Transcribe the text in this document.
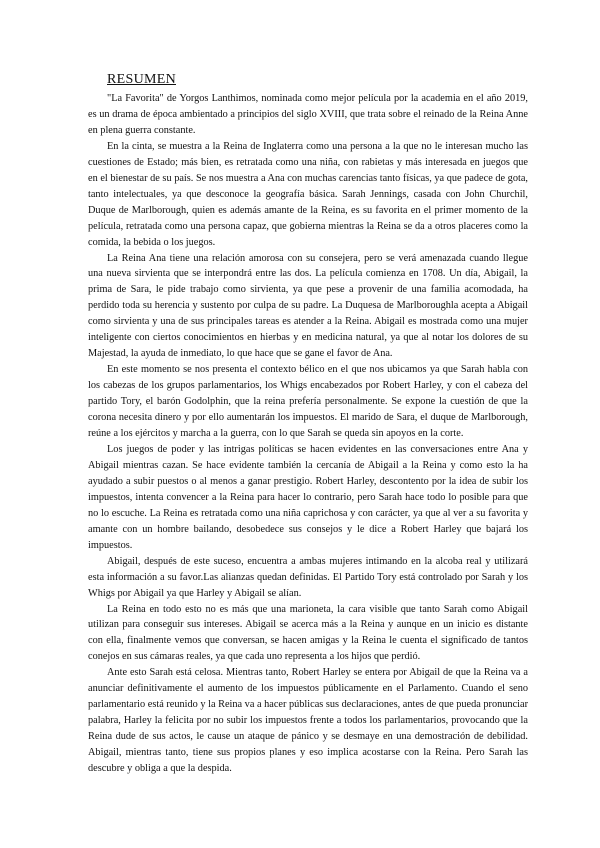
RESUMEN

"La Favorita" de Yorgos Lanthimos, nominada como mejor película por la academia en el año 2019, es un drama de época ambientado a principios del siglo XVIII, que trata sobre el reinado de la Reina Anne en plena guerra constante.

En la cinta, se muestra a la Reina de Inglaterra como una persona a la que no le interesan mucho las cuestiones de Estado; más bien, es retratada como una niña, con rabietas y más interesada en juegos que en el bienestar de su país. Se nos muestra a Ana con muchas carencias tanto físicas, ya que padece de gota, tanto intelectuales, ya que desconoce la geografía básica. Sarah Jennings, casada con John Churchil, Duque de Marlborough, quien es además amante de la Reina, es su favorita en el primer momento de la película, retratada como una persona capaz, que gobierna mientras la Reina se da a otros placeres como la comida, la bebida o los juegos.

La Reina Ana tiene una relación amorosa con su consejera, pero se verá amenazada cuando llegue una nueva sirvienta que se interpondrá entre las dos. La película comienza en 1708. Un día, Abigail, la prima de Sara, le pide trabajo como sirvienta, ya que pese a provenir de una familia acomodada, ha perdido toda su herencia y sustento por culpa de su padre. La Duquesa de Marlboroughla acepta a Abigail como sirvienta y una de sus principales tareas es atender a la Reina. Abigail es mostrada como una mujer inteligente con ciertos conocimientos en hierbas y en medicina natural, ya que al notar los dolores de su Majestad, la ayuda de inmediato, lo que hace que se gane el favor de Ana.

En este momento se nos presenta el contexto bélico en el que nos ubicamos ya que Sarah habla con los cabezas de los grupos parlamentarios, los Whigs encabezados por Robert Harley, y con el cabeza del partido Tory, el barón Godolphin, que la reina prefería personalmente. Se expone la cuestión de que la corona necesita dinero y por ello aumentarán los impuestos. El marido de Sara, el duque de Marlborough, reúne a los ejércitos y marcha a la guerra, con lo que Sarah se queda sin apoyos en la corte.

Los juegos de poder y las intrigas políticas se hacen evidentes en las conversaciones entre Ana y Abigail mientras cazan. Se hace evidente también la cercanía de Abigail a la Reina y como esto la ha ayudado a subir puestos o al menos a ganar prestigio. Robert Harley, descontento por la idea de subir los impuestos, intenta convencer a la Reina para hacer lo contrario, pero Sarah hace todo lo posible para que no lo escuche. La Reina es retratada como una niña caprichosa y con carácter, ya que al ver a su favorita y amante con un hombre bailando, desobedece sus consejos y le dice a Robert Harley que bajará los impuestos.

Abigail, después de este suceso, encuentra a ambas mujeres intimando en la alcoba real y utilizará esta información a su favor.Las alianzas quedan definidas. El Partido Tory está controlado por Sarah y los Whigs por Abigail ya que Harley y Abigail se alían.

La Reina en todo esto no es más que una marioneta, la cara visible que tanto Sarah como Abigail utilizan para conseguir sus intereses. Abigail se acerca más a la Reina y aunque en un inicio es distante con ella, finalmente vemos que conversan, se hacen amigas y la Reina le cuenta el significado de tantos conejos en sus cámaras reales, ya que cada uno representa a los hijos que perdió.

Ante esto Sarah está celosa. Mientras tanto, Robert Harley se entera por Abigail de que la Reina va a anunciar definitivamente el aumento de los impuestos públicamente en el Parlamento. Cuando el seno parlamentario está reunido y la Reina va a hacer públicas sus declaraciones, antes de que pueda pronunciar palabra, Harley la felicita por no subir los impuestos frente a todos los parlamentarios, provocando que la Reina dude de sus actos, le cause un ataque de pánico y se desmaye en una demostración de debilidad. Abigail, mientras tanto, tiene sus propios planes y eso implica acostarse con la Reina. Pero Sarah las descubre y obliga a que la despida.
